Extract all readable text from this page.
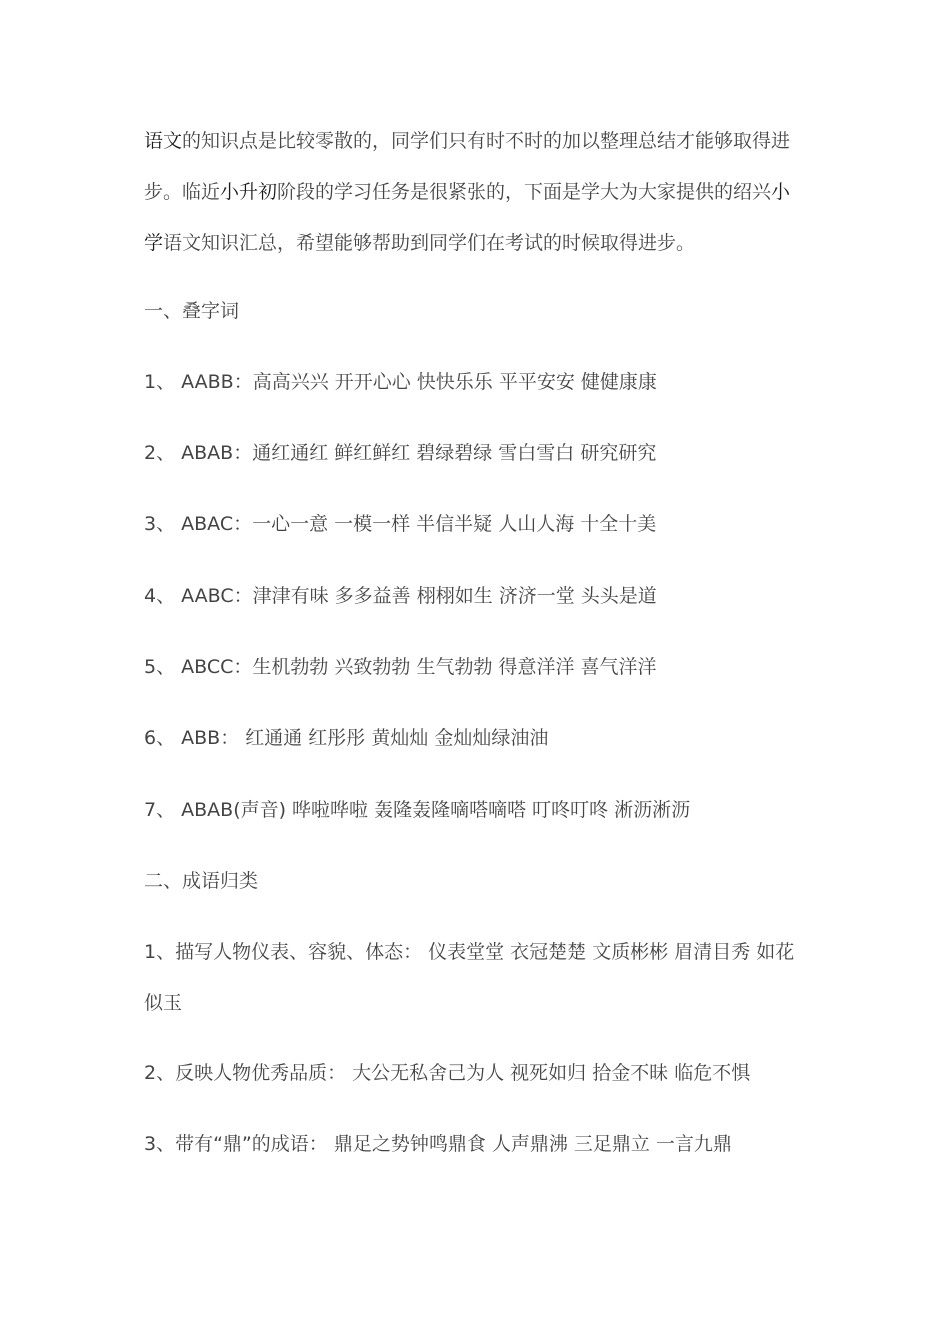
语文的知识点是比较零散的，同学们只有时不时的加以整理总结才能够取得进
步。临近小升初阶段的学习任务是很紧张的，下面是学大为大家提供的绍兴小
学语文知识汇总，希望能够帮助到同学们在考试的时候取得进步。
一、叠字词
1、 AABB：高高兴兴 开开心心 快快乐乐 平平安安 健健康康
2、 ABAB：通红通红 鲜红鲜红 碧绿碧绿 雪白雪白 研究研究
3、 ABAC：一心一意 一模一样 半信半疑 人山人海 十全十美
4、 AABC：津津有味 多多益善 栩栩如生 济济一堂 头头是道
5、 ABCC：生机勃勃 兴致勃勃 生气勃勃 得意洋洋 喜气洋洋
6、 ABB： 红通通 红彤彤 黄灿灿 金灿灿绿油油
7、 ABAB(声音) 哗啦哗啦 轰隆轰隆嘀嗒嘀嗒 叮咚叮咚 淅沥淅沥
二、成语归类
1、描写人物仪表、容貌、体态： 仪表堂堂 衣冠楚楚 文质彬彬 眉清目秀 如花
似玉
2、反映人物优秀品质： 大公无私舍己为人 视死如归 拾金不昧 临危不惧
3、带有“鼎”的成语： 鼎足之势钟鸣鼎食 人声鼎沸 三足鼎立 一言九鼎
